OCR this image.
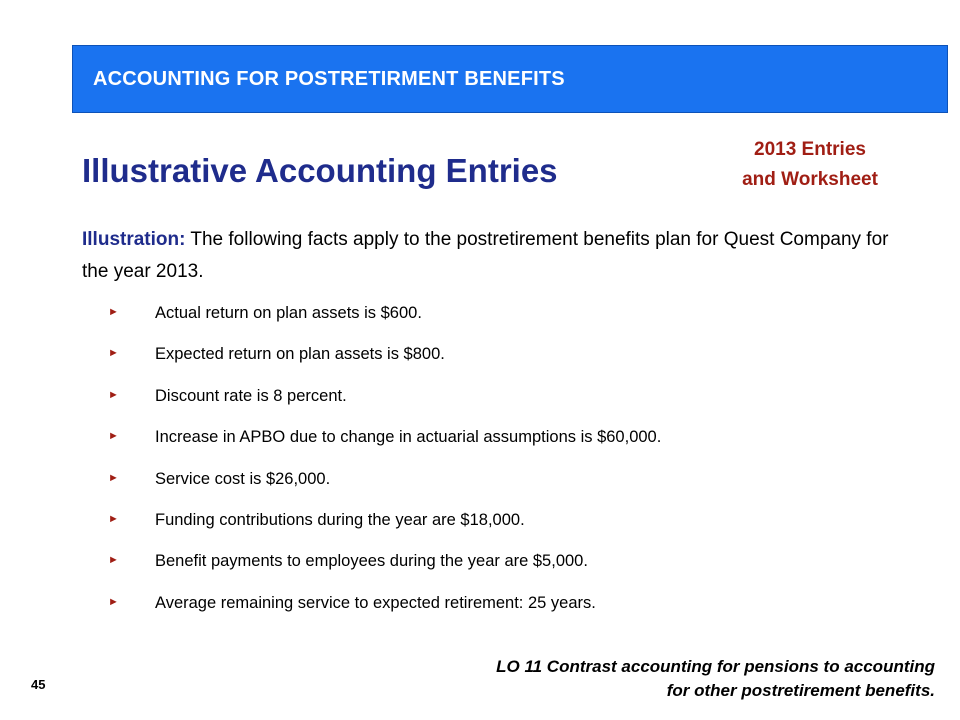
ACCOUNTING FOR POSTRETIRMENT BENEFITS
Illustrative Accounting Entries
2013 Entries
and Worksheet
Illustration: The following facts apply to the postretirement benefits plan for Quest Company for the year 2013.
► Actual return on plan assets is $600.
► Expected return on plan assets is $800.
► Discount rate is 8 percent.
► Increase in APBO due to change in actuarial assumptions is $60,000.
► Service cost is $26,000.
► Funding contributions during the year are $18,000.
► Benefit payments to employees during the year are $5,000.
► Average remaining service to expected retirement: 25 years.
45
LO 11 Contrast accounting for pensions to accounting
for other postretirement benefits.
